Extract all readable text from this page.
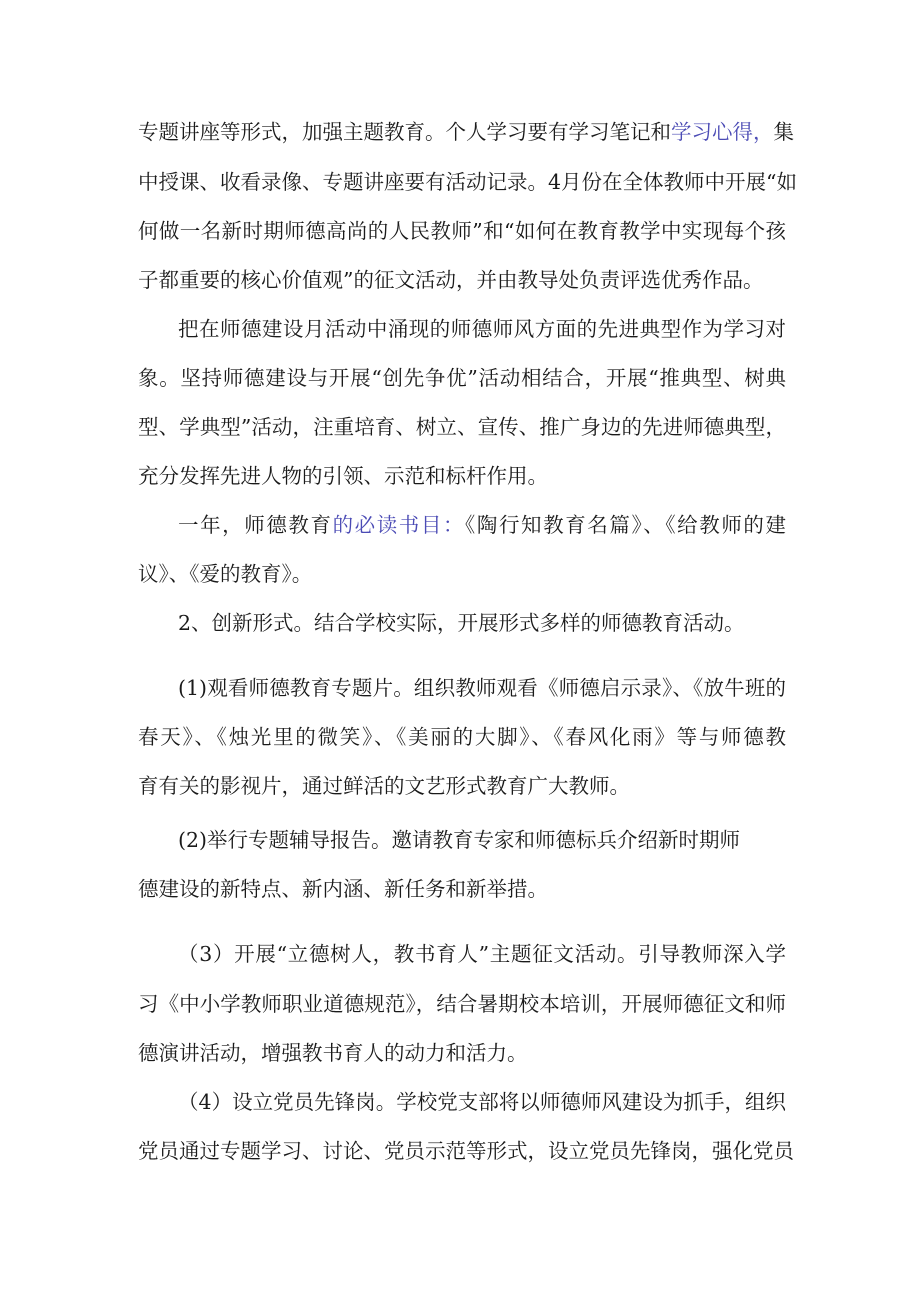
专题讲座等形式，加强主题教育。个人学习要有学习笔记和学习心得，集
中授课、收看录像、专题讲座要有活动记录。4月份在全体教师中开展“如
何做一名新时期师德高尚的人民教师”和“如何在教育教学中实现每个孩
子都重要的核心价值观”的征文活动，并由教导处负责评选优秀作品。
把在师德建设月活动中涌现的师德师风方面的先进典型作为学习对
象。坚持师德建设与开展“创先争优”活动相结合，开展“推典型、树典
型、学典型”活动，注重培育、树立、宣传、推广身边的先进师德典型，
充分发挥先进人物的引领、示范和标杆作用。
一年，师德教育的必读书目：《陶行知教育名篇》、《给教师的建
议》、《爱的教育》。
2、创新形式。结合学校实际，开展形式多样的师德教育活动。
(1)观看师德教育专题片。组织教师观看《师德启示录》、《放牛班的
春天》、《烛光里的微笑》、《美丽的大脚》、《春风化雨》等与师德教
育有关的影视片，通过鲜活的文艺形式教育广大教师。
(2)举行专题辅导报告。邀请教育专家和师德标兵介绍新时期师
德建设的新特点、新内涵、新任务和新举措。
（3）开展“立德树人，教书育人”主题征文活动。引导教师深入学
习《中小学教师职业道德规范》，结合暑期校本培训，开展师德征文和师
德演讲活动，增强教书育人的动力和活力。
（4）设立党员先锋岗。学校党支部将以师德师风建设为抓手，组织
党员通过专题学习、讨论、党员示范等形式，设立党员先锋岗，强化党员
